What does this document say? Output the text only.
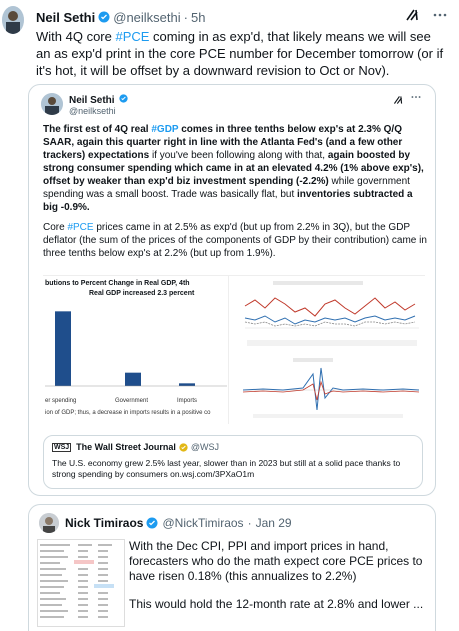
Neil Sethi @neilksethi · 5h
With 4Q core #PCE coming in as exp'd, that likely means we will see an as exp'd print in the core PCE number for December tomorrow (or if it's hot, it will be offset by a downward revision to Oct or Nov).
Neil Sethi
@neilksethi

The first est of 4Q real #GDP comes in three tenths below exp's at 2.3% Q/Q SAAR, again this quarter right in line with the Atlanta Fed's (and a few other trackers) expectations if you've been following along with that, again boosted by strong consumer spending which came in at an elevated 4.2% (1% above exp's), offset by weaker than exp'd biz investment spending (-2.2%) while government spending was a small boost. Trade was basically flat, but inventories subtracted a big -0.9%.

Core #PCE prices came in at 2.5% as exp'd (but up from 2.2% in 3Q), but the GDP deflator (the sum of the prices of the components of GDP by their contribution) came in three tenths below exp's at 2.2% (but up from 1.9%).

butions to Percent Change in Real GDP, 4th
Real GDP increased 2.3 percent
er spending	Government	Imports
ion of GDP; thus, a decrease in imports results in a positive co
WSJ The Wall Street Journal @WSJ
The U.S. economy grew 2.5% last year, slower than in 2023 but still at a solid pace thanks to strong spending by consumers on.wsj.com/3PXaO1m
Nick Timiraos @NickTimiraos · Jan 29

With the Dec CPI, PPI and import prices in hand, forecasters who do the math expect core PCE prices to have risen 0.18% (this annualizes to 2.2%)

This would hold the 12-month rate at 2.8% and lower ...
